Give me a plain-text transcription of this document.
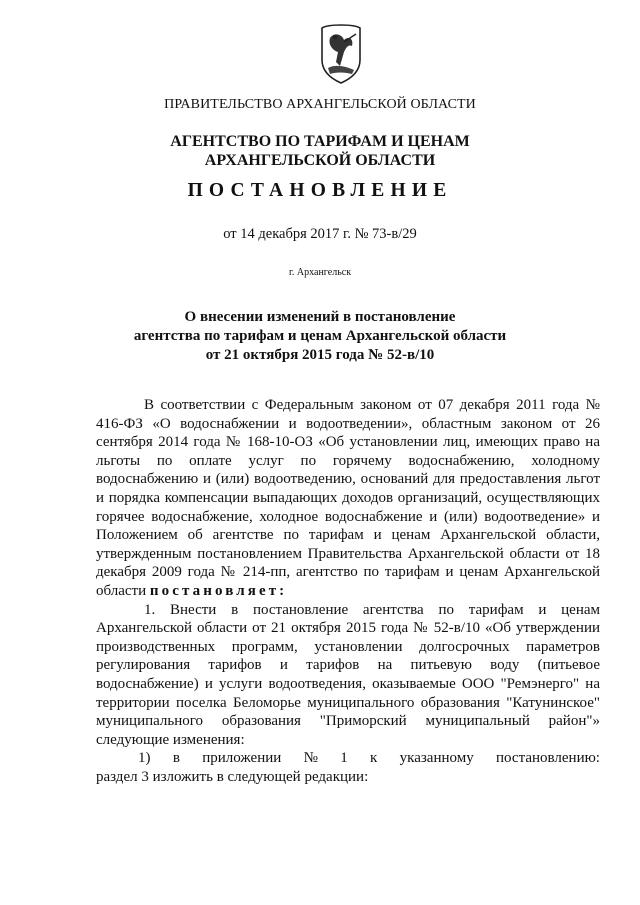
ПРАВИТЕЛЬСТВО АРХАНГЕЛЬСКОЙ ОБЛАСТИ
АГЕНТСТВО ПО ТАРИФАМ И ЦЕНАМ
АРХАНГЕЛЬСКОЙ ОБЛАСТИ
ПОСТАНОВЛЕНИЕ
от 14 декабря 2017 г. № 73-в/29
г. Архангельск
О внесении изменений в постановление
агентства по тарифам и ценам Архангельской области
от 21 октября 2015 года № 52-в/10

В соответствии с Федеральным законом от 07 декабря 2011 года № 416-ФЗ «О водоснабжении и водоотведении», областным законом от 26 сентября 2014 года № 168-10-ОЗ «Об установлении лиц, имеющих право на льготы по оплате услуг по горячему водоснабжению, холодному водоснабжению и (или) водоотведению, оснований для предоставления льгот и порядка компенсации выпадающих доходов организаций, осуществляющих горячее водоснабжение, холодное водоснабжение и (или) водоотведение» и Положением об агентстве по тарифам и ценам Архангельской области, утвержденным постановлением Правительства Архангельской области от 18 декабря 2009 года № 214-пп, агентство по тарифам и ценам Архангельской области постановляет:

1. Внести в постановление агентства по тарифам и ценам Архангельской области от 21 октября 2015 года № 52-в/10 «Об утверждении производственных программ, установлении долгосрочных параметров регулирования тарифов и тарифов на питьевую воду (питьевое водоснабжение) и услуги водоотведения, оказываемые ООО "Ремэнерго" на территории поселка Беломорье муниципального образования "Катунинское" муниципального образования "Приморский муниципальный район"» следующие изменения:

1) в приложении № 1 к указанному постановлению:

раздел 3 изложить в следующей редакции:
